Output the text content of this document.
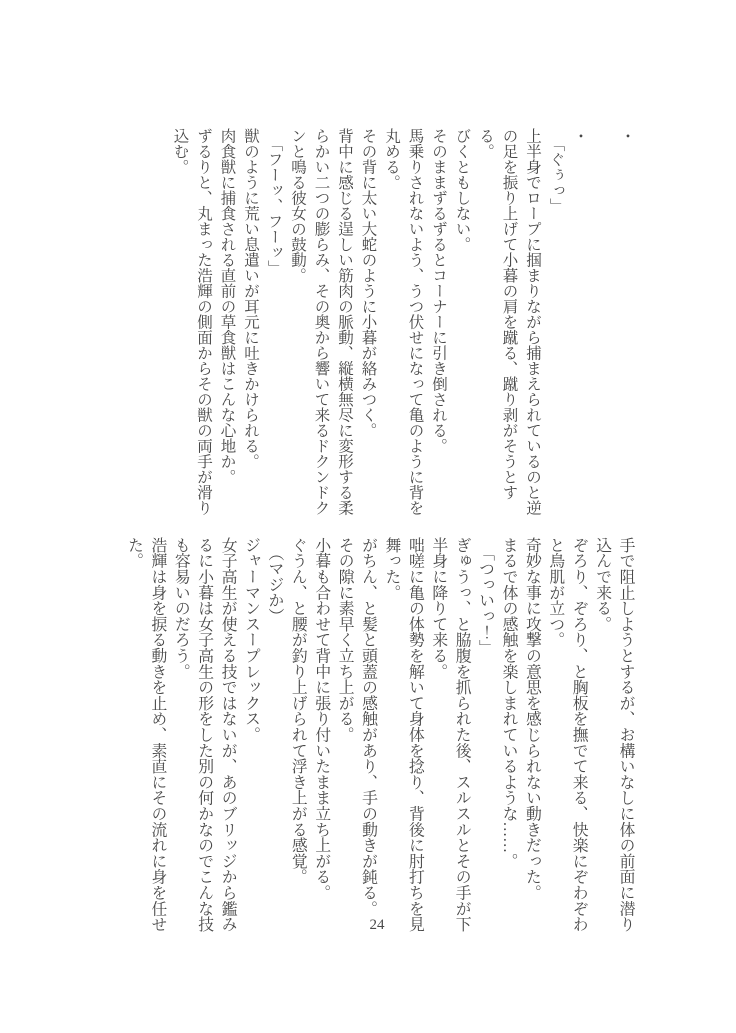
・

・

　「ぐぅっ」

上半身でロープに掴まりながら捕まえられているのと逆

の足を振り上げて小暮の肩を蹴る、蹴り剥がそうとす

る。

びくともしない。

そのままずるずるとコーナーに引き倒される。

馬乗りされないよう、うつ伏せになって亀のように背を

丸める。

その背に太い大蛇のように小暮が絡みつく。

背中に感じる逞しい筋肉の脈動、縦横無尽に変形する柔

らかい二つの膨らみ、その奥から響いて来るドクンドク

ンと鳴る彼女の鼓動。

　「フーッ、フーッ」

獣のように荒い息遣いが耳元に吐きかけられる。

肉食獣に捕食される直前の草食獣はこんな心地か。

ずるりと、丸まった浩輝の側面からその獣の両手が滑り

込む。

手で阻止しようとするが、お構いなしに体の前面に潜り

込んで来る。

ぞろり、ぞろり、と胸板を撫でて来る、快楽にぞわぞわ

と鳥肌が立つ。

奇妙な事に攻撃の意思を感じられない動きだった。

まるで体の感触を楽しまれているような……。

　「つっいっ！」

ぎゅうっ、と脇腹を抓られた後、スルスルとその手が下

半身に降りて来る。

咄嗟に亀の体勢を解いて身体を捻り、背後に肘打ちを見

舞った。

がちん、と髪と頭蓋の感触があり、手の動きが鈍る。

その隙に素早く立ち上がる。

小暮も合わせて背中に張り付いたまま立ち上がる。

ぐうん、と腰が釣り上げられて浮き上がる感覚。

　（マジか）

ジャーマンスープレックス。

女子高生が使える技ではないが、あのブリッジから鑑み

るに小暮は女子高生の形をした別の何かなのでこんな技

も容易いのだろう。

浩輝は身を捩る動きを止め、素直にその流れに身を任せ

た。

24
